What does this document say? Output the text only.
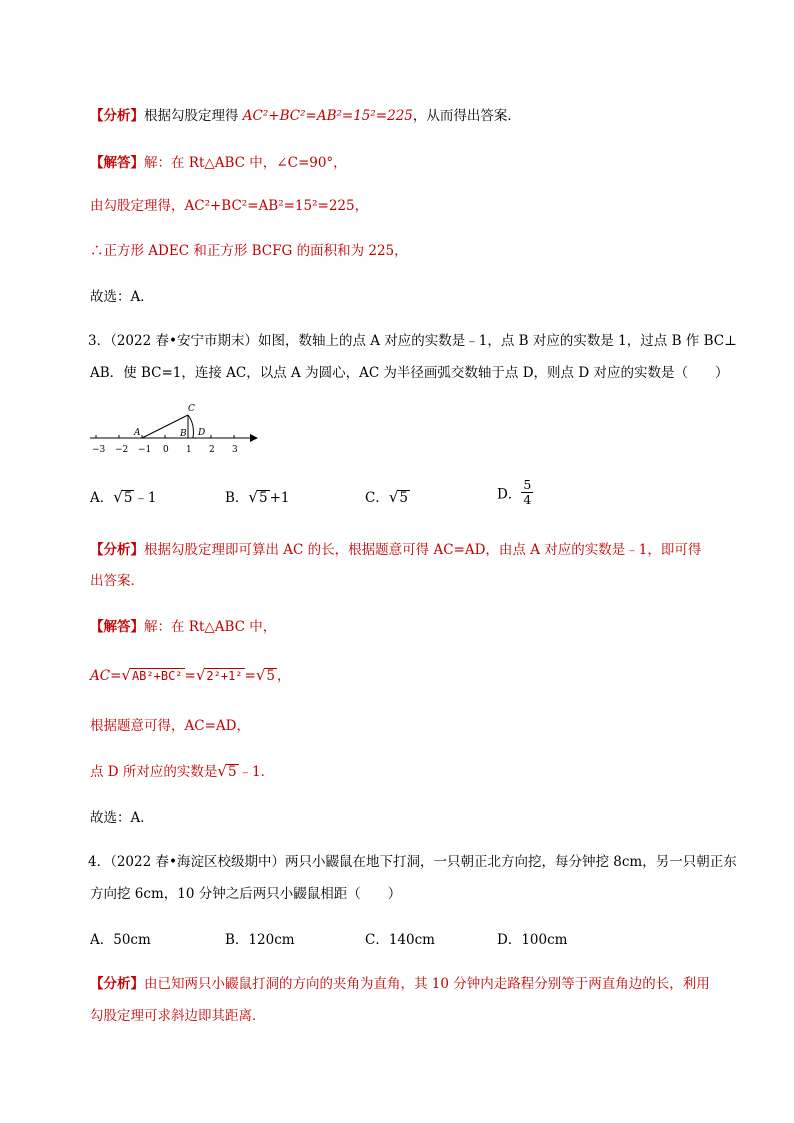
【分析】根据勾股定理得 AC²+BC²=AB²=15²=225，从而得出答案．
【解答】解：在 Rt△ABC 中，∠C=90°，
由勾股定理得，AC²+BC²=AB²=15²=225，
∴正方形 ADEC 和正方形 BCFG 的面积和为 225，
故选：A．
3．（2022 春•安宁市期末）如图，数轴上的点 A 对应的实数是﹣1，点 B 对应的实数是 1，过点 B 作 BC⊥
AB．使 BC=1，连接 AC，以点 A 为圆心，AC 为半径画弧交数轴于点 D，则点 D 对应的实数是（　　）
−3 −2 −1 0 1 2 3
A	B
C
D
A．√5 ﹣1	B．√5 +1	C．√5	D． $\frac{5}{4}$
【分析】根据勾股定理即可算出 AC 的长，根据题意可得 AC=AD，由点 A 对应的实数是﹣1，即可得
出答案．
【解答】解：在 Rt△ABC 中，
AC=√AB²+BC² =√2²+1² =√5 ，
根据题意可得，AC=AD，
点 D 所对应的实数是√5 ﹣1．
故选：A．
4．（2022 春•海淀区校级期中）两只小鼹鼠在地下打洞，一只朝正北方向挖，每分钟挖 8cm，另一只朝正东
方向挖 6cm，10 分钟之后两只小鼹鼠相距（　　）
A．50cm	B．120cm	C．140cm	D．100cm
【分析】由已知两只小鼹鼠打洞的方向的夹角为直角，其 10 分钟内走路程分别等于两直角边的长，利用
勾股定理可求斜边即其距离．
